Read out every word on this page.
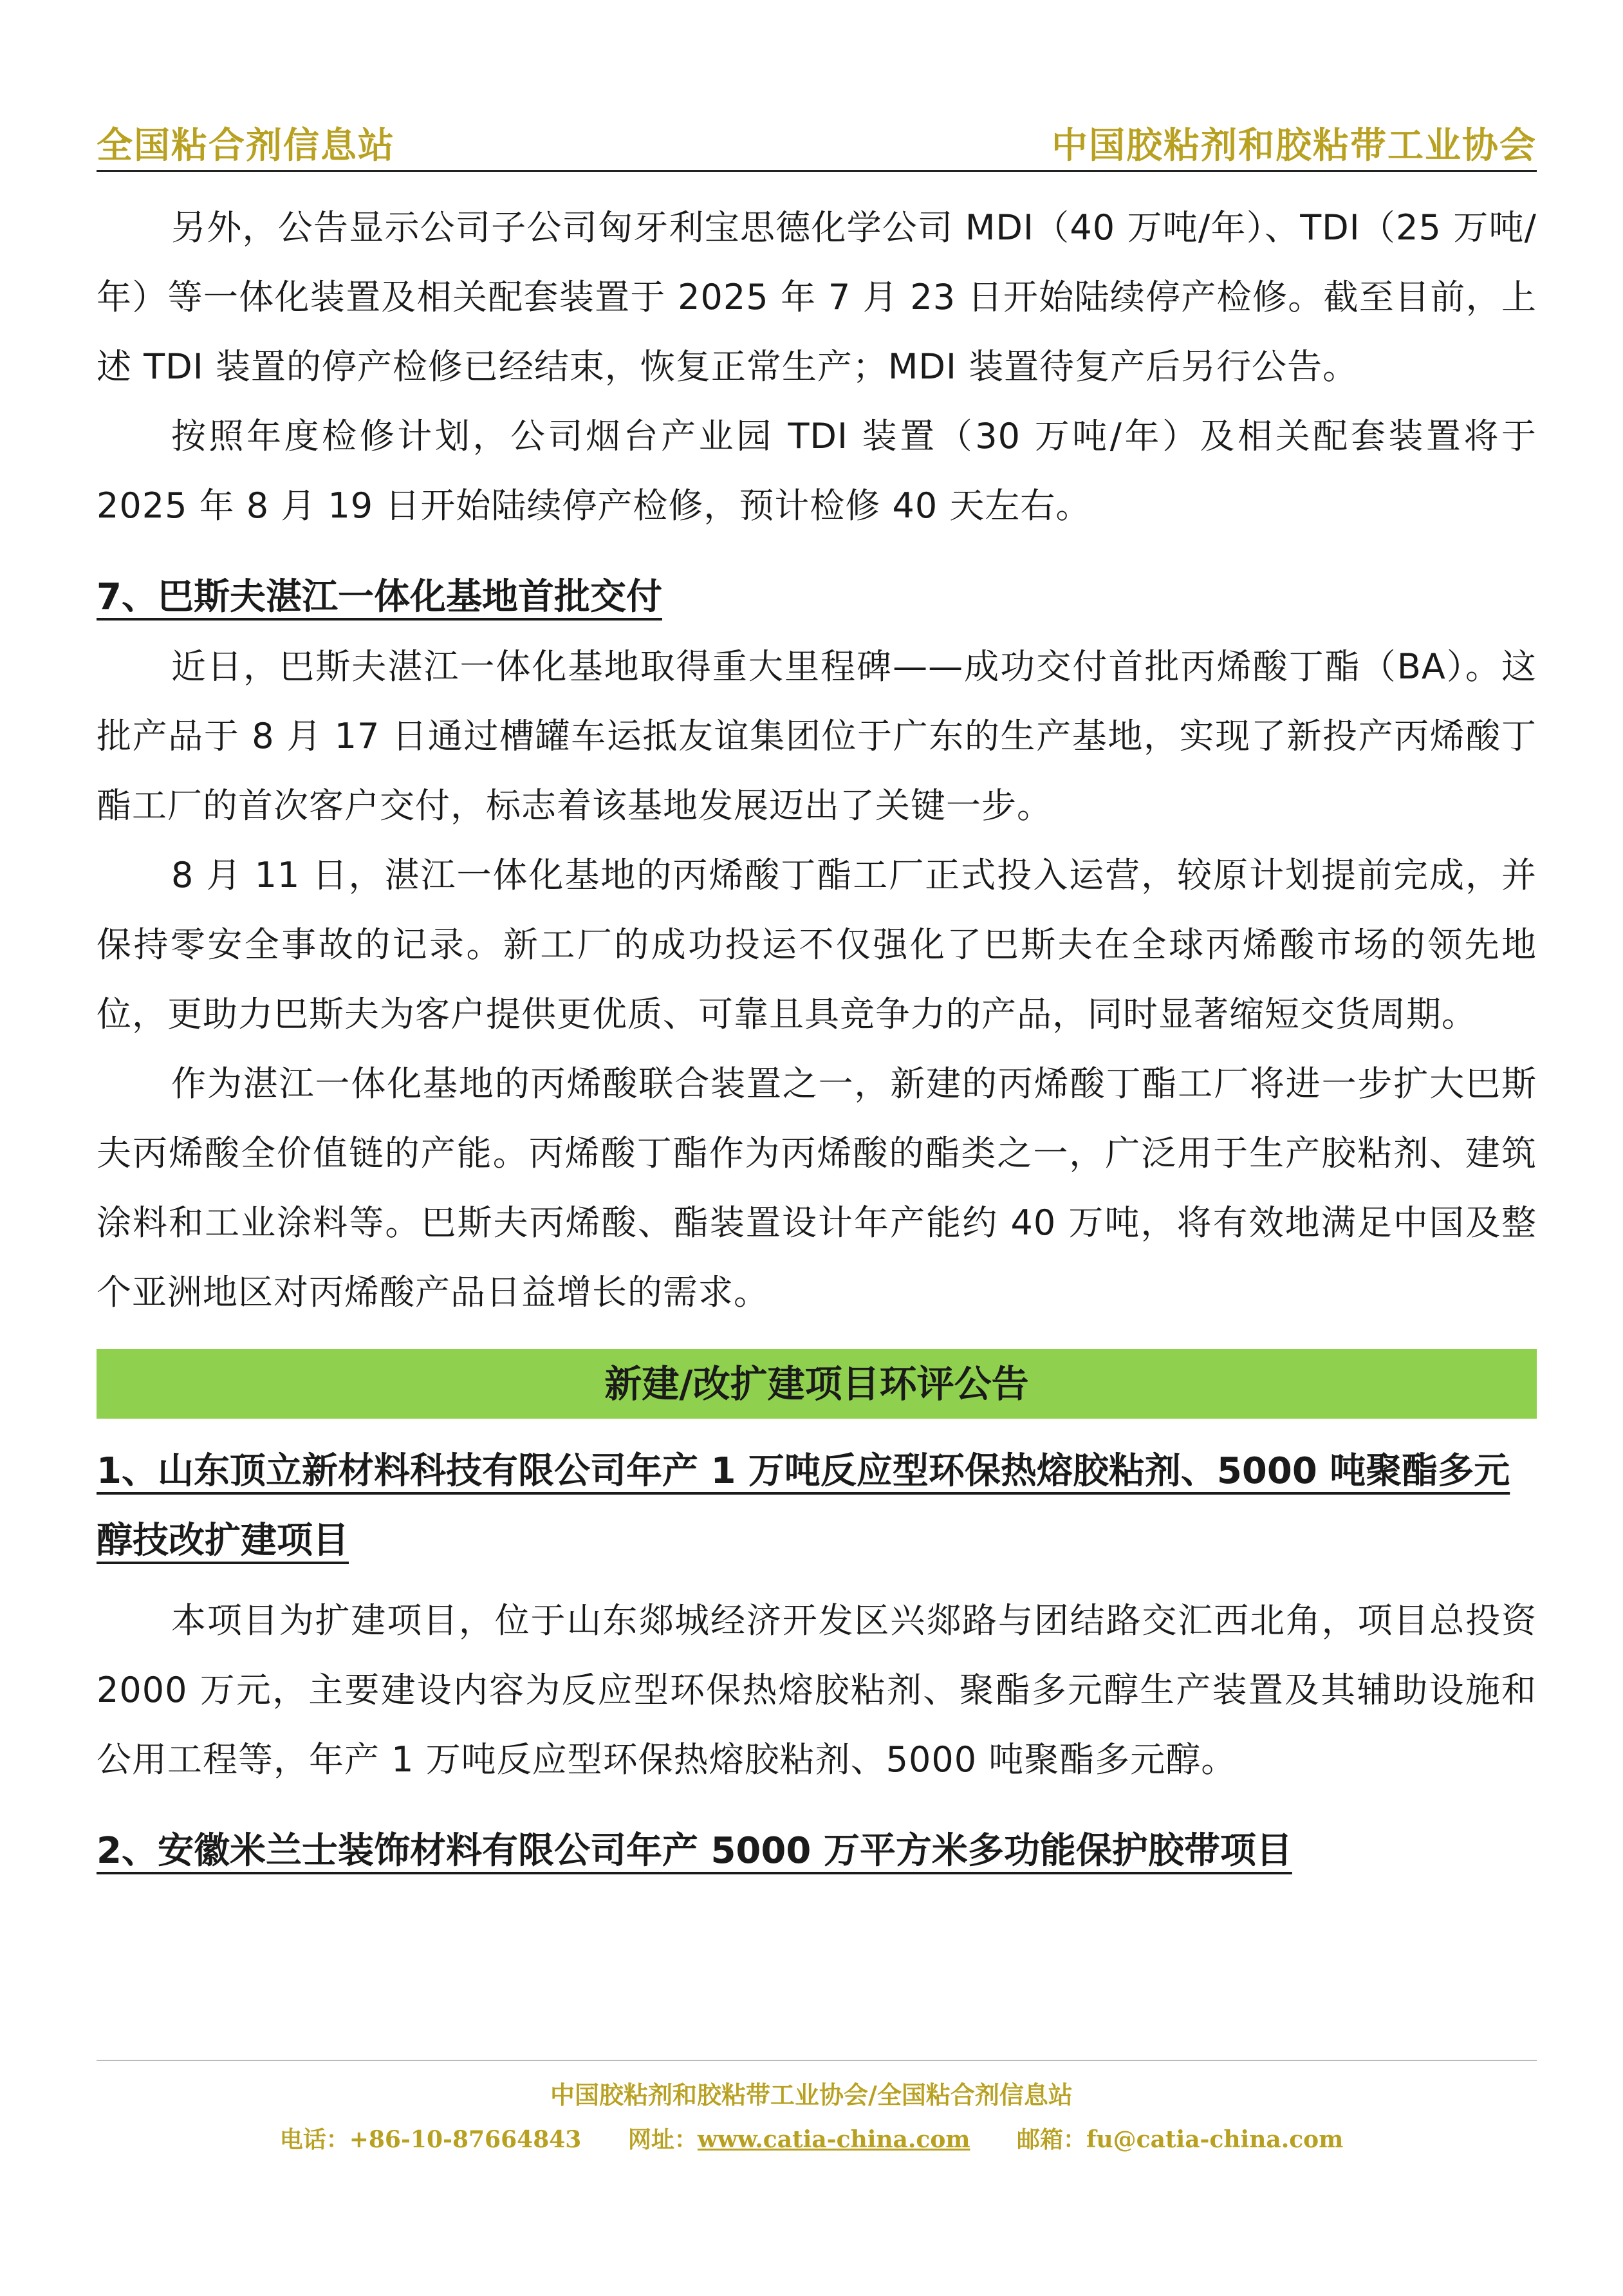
全国粘合剂信息站	中国胶粘剂和胶粘带工业协会

另外，公告显示公司子公司匈牙利宝思德化学公司 MDI（40 万吨/年）、TDI（25 万吨/年）等一体化装置及相关配套装置于 2025 年 7 月 23 日开始陆续停产检修。截至目前，上述 TDI 装置的停产检修已经结束，恢复正常生产；MDI 装置待复产后另行公告。

按照年度检修计划，公司烟台产业园 TDI 装置（30 万吨/年）及相关配套装置将于 2025 年 8 月 19 日开始陆续停产检修，预计检修 40 天左右。

7、巴斯夫湛江一体化基地首批交付

近日，巴斯夫湛江一体化基地取得重大里程碑——成功交付首批丙烯酸丁酯（BA）。这批产品于 8 月 17 日通过槽罐车运抵友谊集团位于广东的生产基地，实现了新投产丙烯酸丁酯工厂的首次客户交付，标志着该基地发展迈出了关键一步。

8 月 11 日，湛江一体化基地的丙烯酸丁酯工厂正式投入运营，较原计划提前完成，并保持零安全事故的记录。新工厂的成功投运不仅强化了巴斯夫在全球丙烯酸市场的领先地位，更助力巴斯夫为客户提供更优质、可靠且具竞争力的产品，同时显著缩短交货周期。

作为湛江一体化基地的丙烯酸联合装置之一，新建的丙烯酸丁酯工厂将进一步扩大巴斯夫丙烯酸全价值链的产能。丙烯酸丁酯作为丙烯酸的酯类之一，广泛用于生产胶粘剂、建筑涂料和工业涂料等。巴斯夫丙烯酸、酯装置设计年产能约 40 万吨，将有效地满足中国及整个亚洲地区对丙烯酸产品日益增长的需求。

新建/改扩建项目环评公告

1、山东顶立新材料科技有限公司年产 1 万吨反应型环保热熔胶粘剂、5000 吨聚酯多元醇技改扩建项目

本项目为扩建项目，位于山东郯城经济开发区兴郯路与团结路交汇西北角，项目总投资 2000 万元，主要建设内容为反应型环保热熔胶粘剂、聚酯多元醇生产装置及其辅助设施和公用工程等，年产 1 万吨反应型环保热熔胶粘剂、5000 吨聚酯多元醇。

2、安徽米兰士装饰材料有限公司年产 5000 万平方米多功能保护胶带项目

中国胶粘剂和胶粘带工业协会/全国粘合剂信息站
电话：+86-10-87664843 网址：www.catia-china.com 邮箱：fu@catia-china.com
